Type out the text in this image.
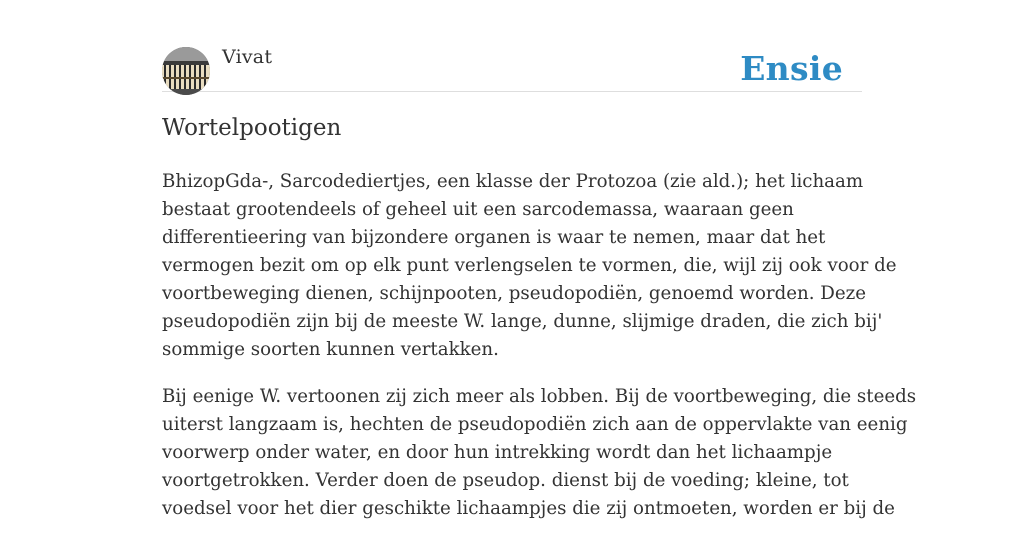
Vivat	Ensie
Wortelpootigen

BhizopGda-, Sarcodediertjes, een klasse der Protozoa (zie ald.); het lichaam
bestaat grootendeels of geheel uit een sarcodemassa, waaraan geen
differentieering van bijzondere organen is waar te nemen, maar dat het
vermogen bezit om op elk punt verlengselen te vormen, die, wijl zij ook voor de
voortbeweging dienen, schijnpooten, pseudopodiën, genoemd worden. Deze
pseudopodiën zijn bij de meeste W. lange, dunne, slijmige draden, die zich bij'
sommige soorten kunnen vertakken.

Bij eenige W. vertoonen zij zich meer als lobben. Bij de voortbeweging, die steeds
uiterst langzaam is, hechten de pseudopodiën zich aan de oppervlakte van eenig
voorwerp onder water, en door hun intrekking wordt dan het lichaampje
voortgetrokken. Verder doen de pseudop. dienst bij de voeding; kleine, tot
voedsel voor het dier geschikte lichaampjes die zij ontmoeten, worden er bij de
